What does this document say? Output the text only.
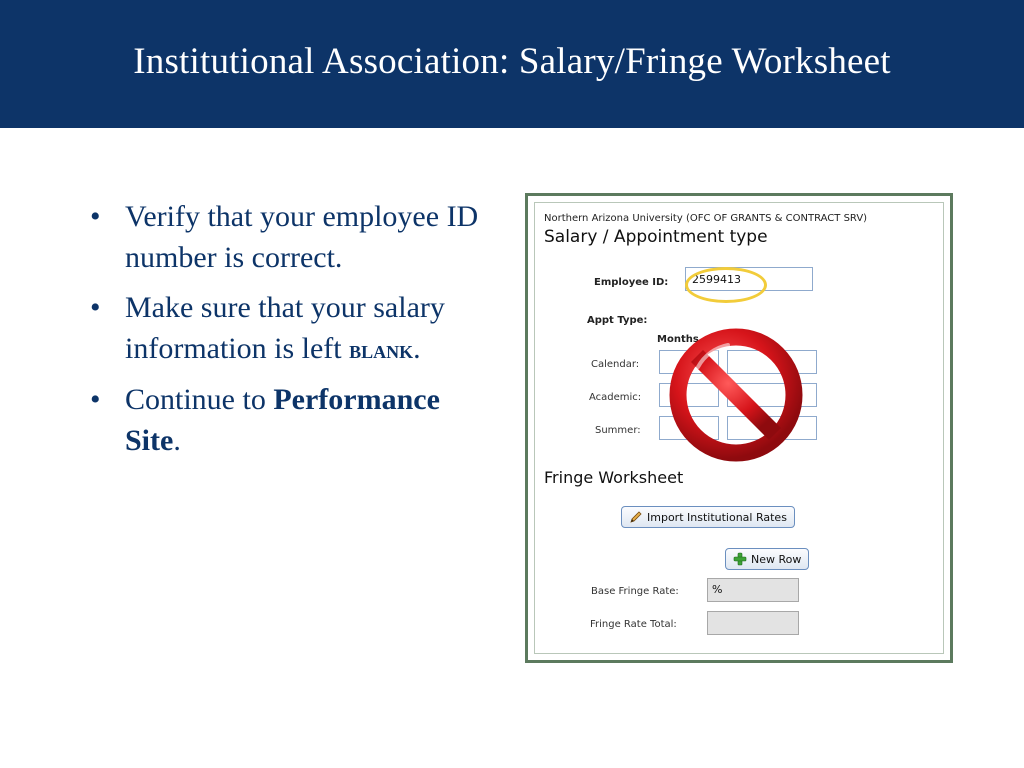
Institutional Association: Salary/Fringe Worksheet
• Verify that your employee ID number is correct.
• Make sure that your salary information is left blank.
• Continue to Performance Site.
Northern Arizona University (OFC OF GRANTS & CONTRACT SRV)
Salary / Appointment type
Employee ID: 2599413
Appt Type:
Months
Calendar:
Academic:
Summer:
Fringe Worksheet
Import Institutional Rates
New Row
Base Fringe Rate:	%
Fringe Rate Total:
